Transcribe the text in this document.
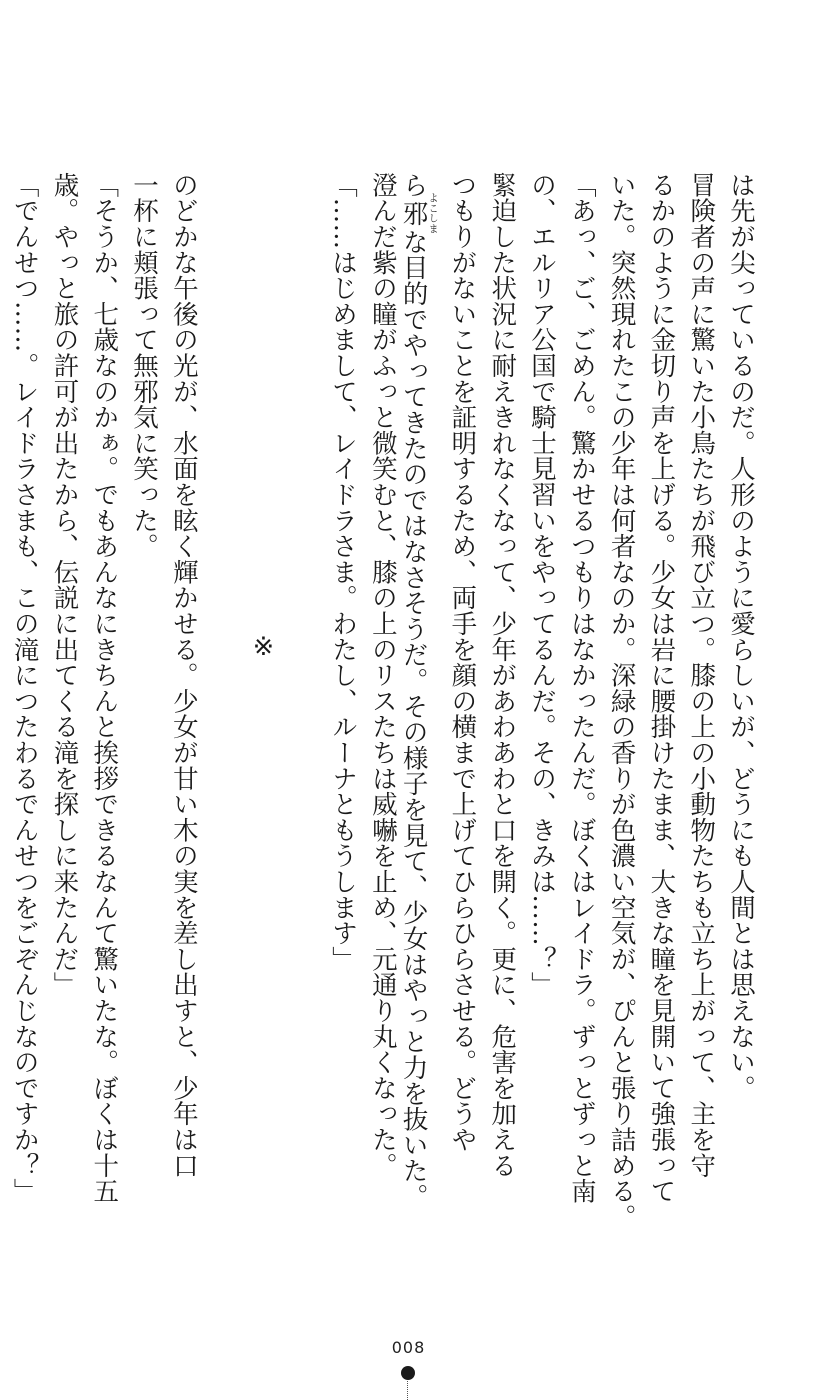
は先が尖っているのだ。人形のように愛らしいが、どうにも人間とは思えない。
冒険者の声に驚いた小鳥たちが飛び立つ。膝の上の小動物たちも立ち上がって、主を守
るかのように金切り声を上げる。少女は岩に腰掛けたまま、大きな瞳を見開いて強張って
いた。突然現れたこの少年は何者なのか。深緑の香りが色濃い空気が、ぴんと張り詰める。
「あっ、ご、ごめん。驚かせるつもりはなかったんだ。ぼくはレイドラ。ずっとずっと南
の、エルリア公国で騎士見習いをやってるんだ。その、きみは……？」
緊迫した状況に耐えきれなくなって、少年があわあわと口を開く。更に、危害を加える
つもりがないことを証明するため、両手を顔の横まで上げてひらひらさせる。どうや
ら邪よこしまな目的でやってきたのではなさそうだ。その様子を見て、少女はやっと力を抜いた。
澄んだ紫の瞳がふっと微笑むと、膝の上のリスたちは威嚇を止め、元通り丸くなった。
「……はじめまして、レイドラさま。わたし、ルーナともうします」
※
のどかな午後の光が、水面を眩く輝かせる。少女が甘い木の実を差し出すと、少年は口
一杯に頬張って無邪気に笑った。
「そうか、七歳なのかぁ。でもあんなにきちんと挨拶できるなんて驚いたな。ぼくは十五
歳。やっと旅の許可が出たから、伝説に出てくる滝を探しに来たんだ」
「でんせつ……。レイドラさまも、この滝につたわるでんせつをごぞんじなのですか？」
008
